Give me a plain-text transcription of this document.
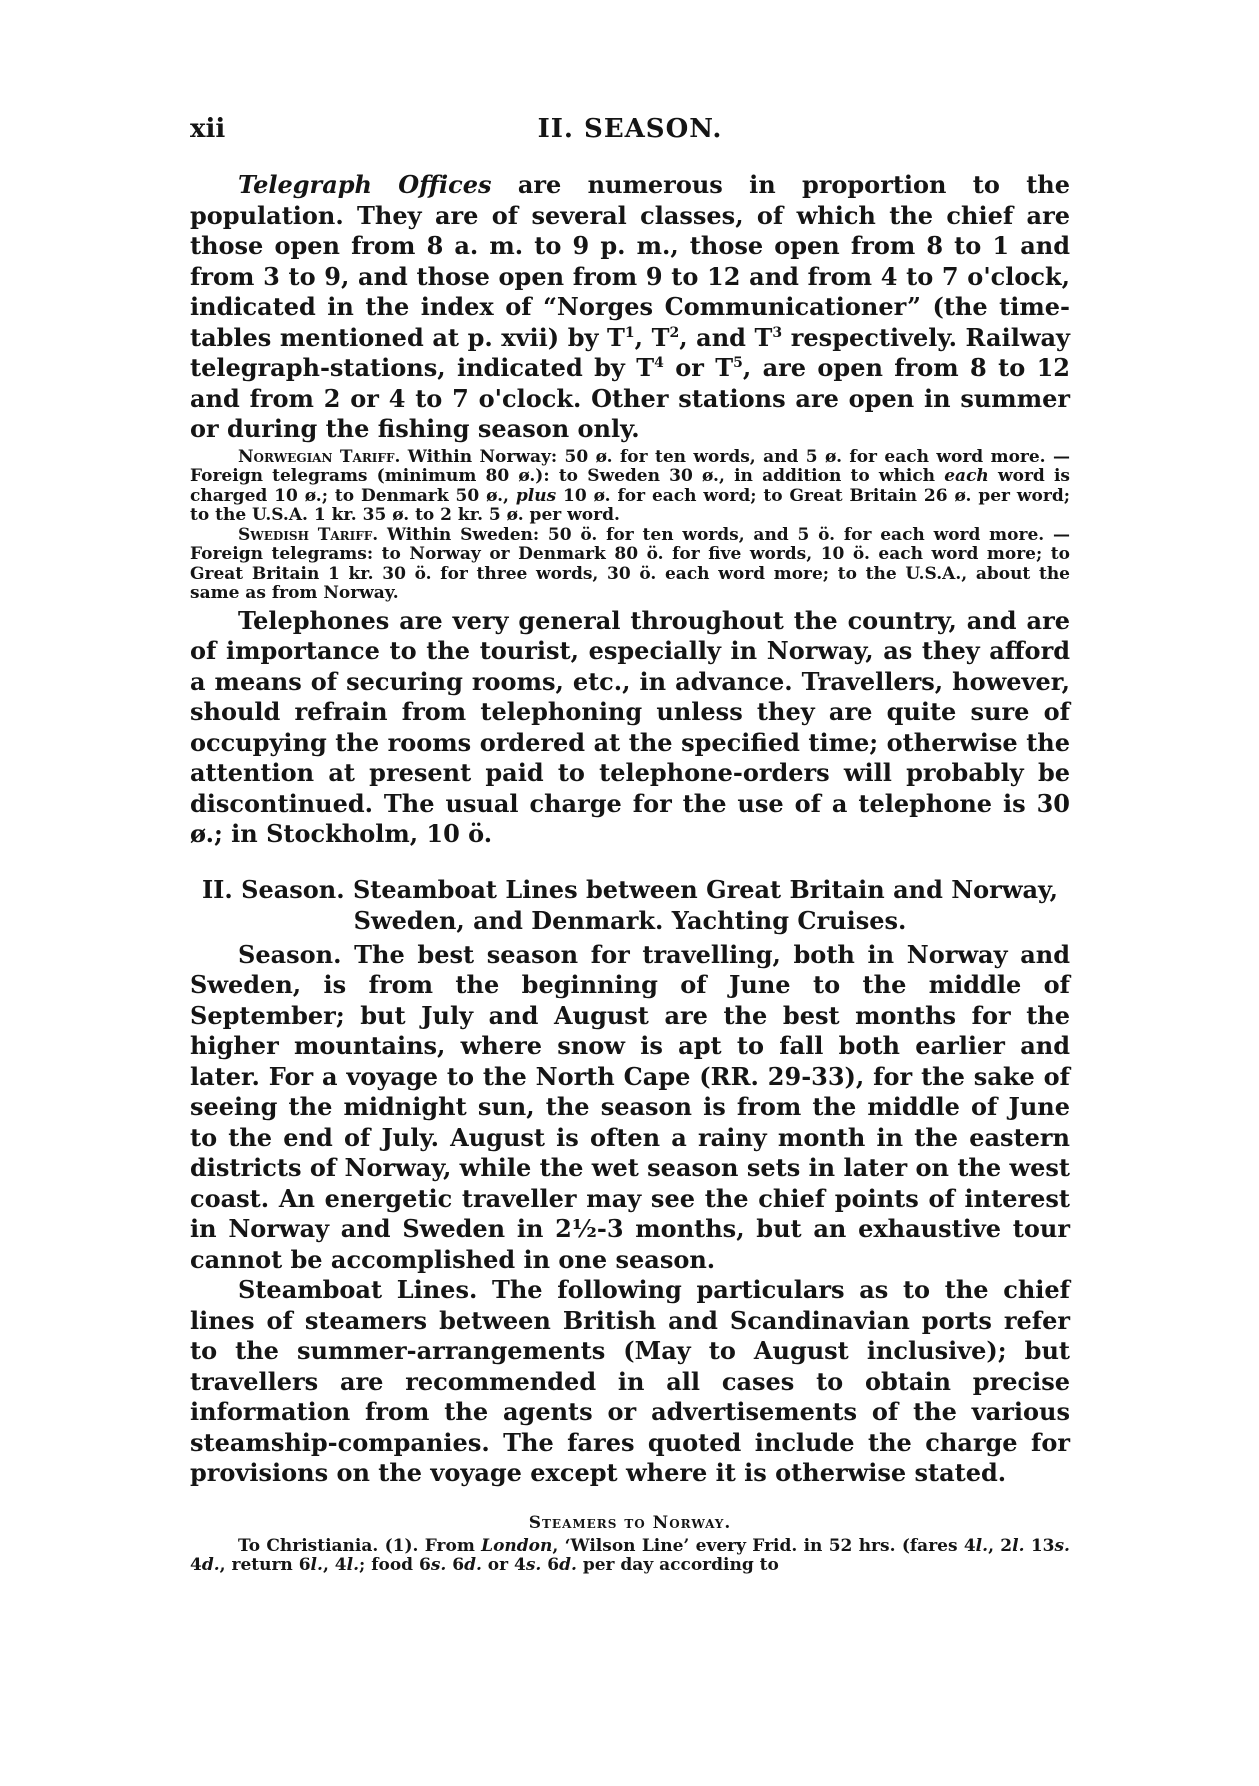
xii	II. SEASON.

Telegraph Offices are numerous in proportion to the population. They are of several classes, of which the chief are those open from 8 a. m. to 9 p. m., those open from 8 to 1 and from 3 to 9, and those open from 9 to 12 and from 4 to 7 o'clock, indicated in the index of “Norges Communicationer” (the time-tables mentioned at p. xvii) by $T^1$, $T^2$, and $T^3$ respectively. Railway telegraph-stations, indicated by $T^4$ or $T^5$, are open from 8 to 12 and from 2 or 4 to 7 o'clock. Other stations are open in summer or during the fishing season only.

Norwegian Tariff. Within Norway: 50 ø. for ten words, and 5 ø. for each word more. — Foreign telegrams (minimum 80 ø.): to Sweden 30 ø., in addition to which each word is charged 10 ø.; to Denmark 50 ø., plus 10 ø. for each word; to Great Britain 26 ø. per word; to the U.S.A. 1 kr. 35 ø. to 2 kr. 5 ø. per word.

Swedish Tariff. Within Sweden: 50 ö. for ten words, and 5 ö. for each word more. — Foreign telegrams: to Norway or Denmark 80 ö. for five words, 10 ö. each word more; to Great Britain 1 kr. 30 ö. for three words, 30 ö. each word more; to the U.S.A., about the same as from Norway.

Telephones are very general throughout the country, and are of importance to the tourist, especially in Norway, as they afford a means of securing rooms, etc., in advance. Travellers, however, should refrain from telephoning unless they are quite sure of occupying the rooms ordered at the specified time; otherwise the attention at present paid to telephone-orders will probably be discontinued. The usual charge for the use of a telephone is 30 ø.; in Stockholm, 10 ö.

II. Season. Steamboat Lines between Great Britain and Norway,
Sweden, and Denmark. Yachting Cruises.

Season. The best season for travelling, both in Norway and Sweden, is from the beginning of June to the middle of September; but July and August are the best months for the higher mountains, where snow is apt to fall both earlier and later. For a voyage to the North Cape (RR. 29-33), for the sake of seeing the midnight sun, the season is from the middle of June to the end of July. August is often a rainy month in the eastern districts of Norway, while the wet season sets in later on the west coast. An energetic traveller may see the chief points of interest in Norway and Sweden in 2½-3 months, but an exhaustive tour cannot be accomplished in one season.

Steamboat Lines. The following particulars as to the chief lines of steamers between British and Scandinavian ports refer to the summer-arrangements (May to August inclusive); but travellers are recommended in all cases to obtain precise information from the agents or advertisements of the various steamship-companies. The fares quoted include the charge for provisions on the voyage except where it is otherwise stated.

Steamers to Norway.

To Christiania. (1). From London, ‘Wilson Line’ every Frid. in 52 hrs. (fares 4l., 2l. 13s. 4d., return 6l., 4l.; food 6s. 6d. or 4s. 6d. per day according to
